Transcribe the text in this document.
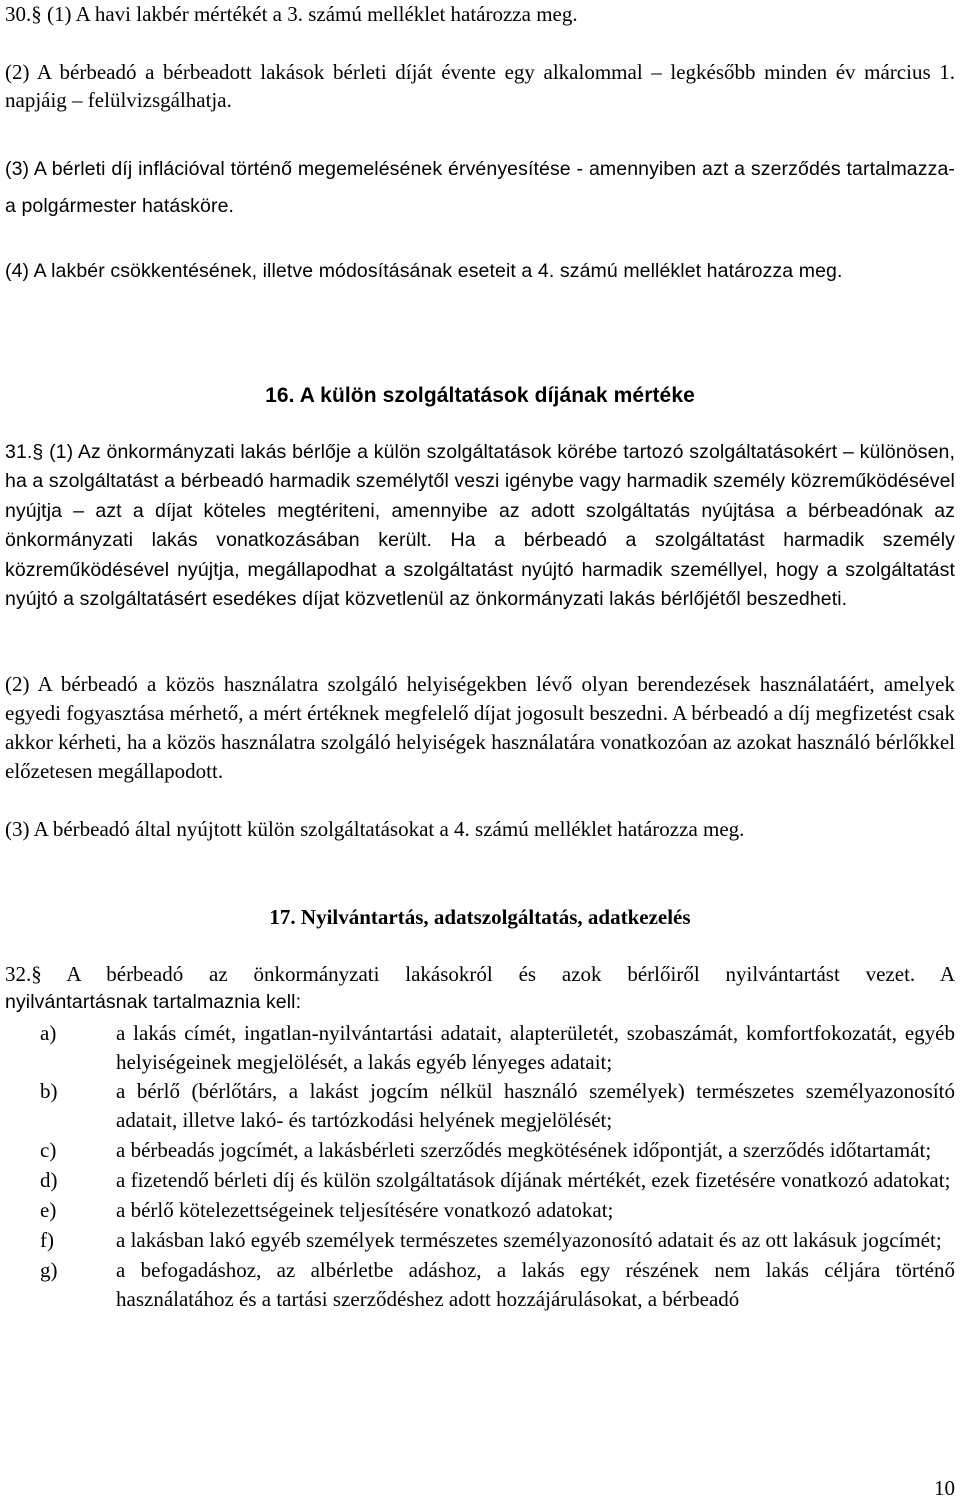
30.§ (1) A havi lakbér mértékét a 3. számú melléklet határozza meg.

(2) A bérbeadó a bérbeadott lakások bérleti díját évente egy alkalommal – legkésőbb minden év március 1. napjáig – felülvizsgálhatja.

(3) A bérleti díj inflációval történő megemelésének érvényesítése - amennyiben azt a szerződés tartalmazza- a polgármester hatásköre.

(4) A lakbér csökkentésének, illetve módosításának eseteit a 4. számú melléklet határozza meg.

16. A külön szolgáltatások díjának mértéke

31.§ (1) Az önkormányzati lakás bérlője a külön szolgáltatások körébe tartozó szolgáltatásokért – különösen, ha a szolgáltatást a bérbeadó harmadik személytől veszi igénybe vagy harmadik személy közreműködésével nyújtja – azt a díjat köteles megtériteni, amennyibe az adott szolgáltatás nyújtása a bérbeadónak az önkormányzati lakás vonatkozásában került. Ha a bérbeadó a szolgáltatást harmadik személy közreműködésével nyújtja, megállapodhat a szolgáltatást nyújtó harmadik személlyel, hogy a szolgáltatást nyújtó a szolgáltatásért esedékes díjat közvetlenül az önkormányzati lakás bérlőjétől beszedheti.

(2) A bérbeadó a közös használatra szolgáló helyiségekben lévő olyan berendezések használatáért, amelyek egyedi fogyasztása mérhető, a mért értéknek megfelelő díjat jogosult beszedni. A bérbeadó a díj megfizetést csak akkor kérheti, ha a közös használatra szolgáló helyiségek használatára vonatkozóan az azokat használó bérlőkkel előzetesen megállapodott.

(3) A bérbeadó által nyújtott külön szolgáltatásokat a 4. számú melléklet határozza meg.

17. Nyilvántartás, adatszolgáltatás, adatkezelés

32.§ A bérbeadó az önkormányzati lakásokról és azok bérlőiről nyilvántartást vezet. A

nyilvántartásnak tartalmaznia kell:

a)	a lakás címét, ingatlan-nyilvántartási adatait, alapterületét, szobaszámát, komfortfokozatát, egyéb helyiségeinek megjelölését, a lakás egyéb lényeges adatait;
b)	a bérlő (bérlőtárs, a lakást jogcím nélkül használó személyek) természetes személyazonosító adatait, illetve lakó- és tartózkodási helyének megjelölését;
c)	a bérbeadás jogcímét, a lakásbérleti szerződés megkötésének időpontját, a szerződés időtartamát;
d)	a fizetendő bérleti díj és külön szolgáltatások díjának mértékét, ezek fizetésére vonatkozó adatokat;
e)	a bérlő kötelezettségeinek teljesítésére vonatkozó adatokat;
f)	a lakásban lakó egyéb személyek természetes személyazonosító adatait és az ott lakásuk jogcímét;
g)	a befogadáshoz, az albérletbe adáshoz, a lakás egy részének nem lakás céljára történő használatához és a tartási szerződéshez adott hozzájárulásokat, a bérbeadó
10
